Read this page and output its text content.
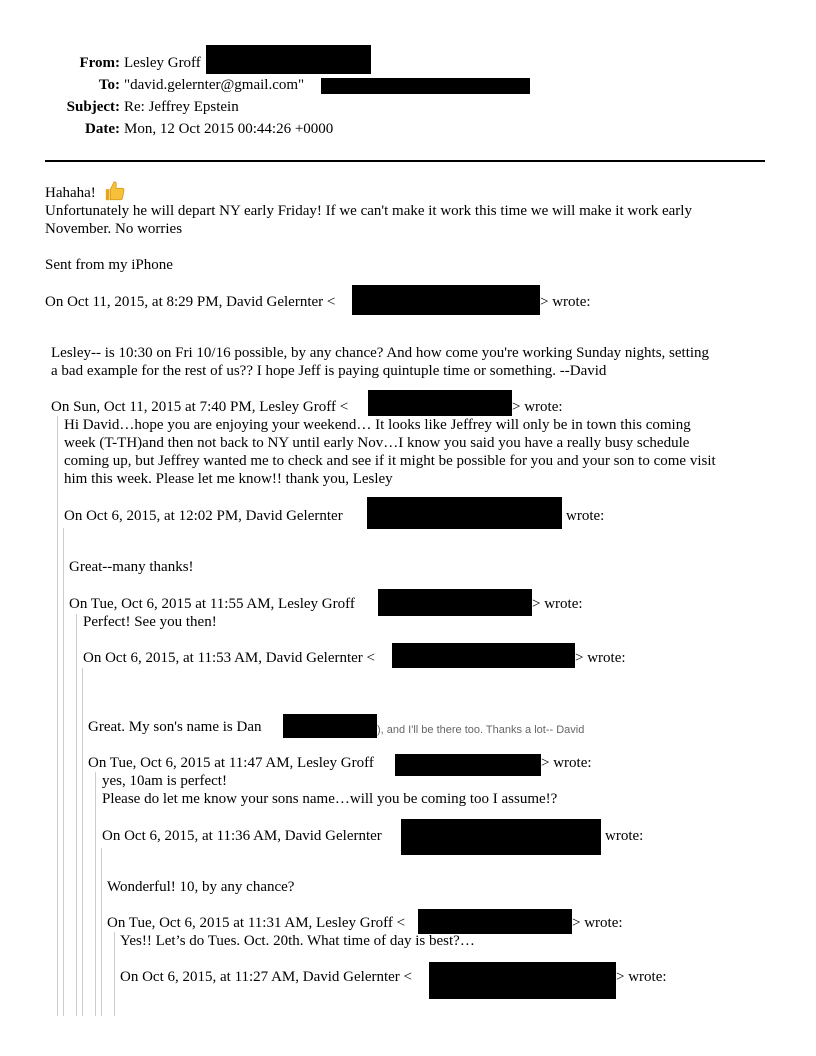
From: Lesley Groff
To: "david.gelernter@gmail.com"
Subject: Re: Jeffrey Epstein
Date: Mon, 12 Oct 2015 00:44:26 +0000
Hahaha!
Unfortunately he will depart NY early Friday! If we can't make it work this time we will make it work early
November. No worries
Sent from my iPhone
On Oct 11, 2015, at 8:29 PM, David Gelernter <	> wrote:
Lesley-- is 10:30 on Fri 10/16 possible, by any chance? And how come you're working Sunday nights, setting
a bad example for the rest of us?? I hope Jeff is paying quintuple time or something. --David
On Sun, Oct 11, 2015 at 7:40 PM, Lesley Groff <	> wrote:
Hi David…hope you are enjoying your weekend… It looks like Jeffrey will only be in town this coming
week (T-TH)and then not back to NY until early Nov…I know you said you have a really busy schedule
coming up, but Jeffrey wanted me to check and see if it might be possible for you and your son to come visit
him this week. Please let me know!! thank you, Lesley
On Oct 6, 2015, at 12:02 PM, David Gelernter	wrote:
Great--many thanks!
On Tue, Oct 6, 2015 at 11:55 AM, Lesley Groff	> wrote:
Perfect! See you then!
On Oct 6, 2015, at 11:53 AM, David Gelernter <	> wrote:
Great. My son's name is Dan	), and I'll be there too. Thanks a lot-- David
On Tue, Oct 6, 2015 at 11:47 AM, Lesley Groff	> wrote:
yes, 10am is perfect!
Please do let me know your sons name…will you be coming too I assume!?
On Oct 6, 2015, at 11:36 AM, David Gelernter	wrote:
Wonderful! 10, by any chance?
On Tue, Oct 6, 2015 at 11:31 AM, Lesley Groff <	> wrote:
Yes!! Let’s do Tues. Oct. 20th. What time of day is best?…
On Oct 6, 2015, at 11:27 AM, David Gelernter <	> wrote:
